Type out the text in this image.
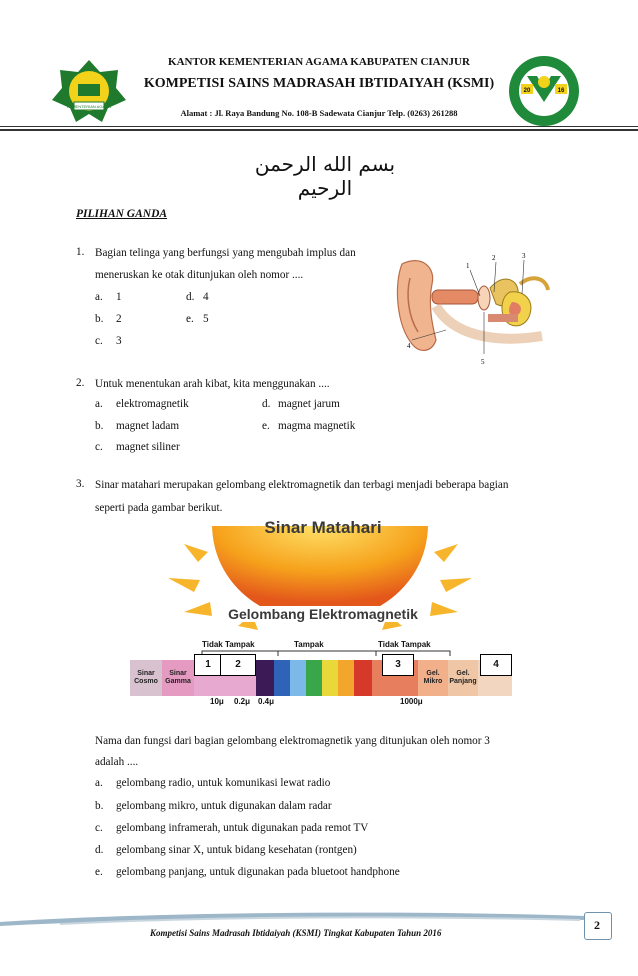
KEMENTERIAN AGAMA
KANTOR KEMENTERIAN AGAMA KABUPATEN CIANJUR
KOMPETISI SAINS MADRASAH IBTIDAIYAH (KSMI)
Alamat : Jl. Raya Bandung No. 108-B Sadewata Cianjur Telp. (0263) 261288
20	16
بسم الله الرحمن الرحيم
PILIHAN GANDA
1. Bagian telinga yang berfungsi yang mengubah implus dan
meneruskan ke otak ditunjukan oleh nomor ....
a. 1	d. 4
b. 2	e. 5
c. 3
1
2	3
4
5
2. Untuk menentukan arah kibat, kita menggunakan ....
a. elektromagnetik	d. magnet jarum
b. magnet ladam	e. magma magnetik
c. magnet siliner
3. Sinar matahari merupakan gelombang elektromagnetik dan terbagi menjadi beberapa bagian
seperti pada gambar berikut.
Sinar Matahari
Gelombang Elektromagnetik
Tidak Tampak	Tampak	Tidak Tampak
Sinar Cosmo
Sinar Gamma
Gel. Mikro
Gel. Panjang
1	2	3	4
10μ 0.2μ 0.4μ	1000μ
Nama dan fungsi dari bagian gelombang elektromagnetik yang ditunjukan oleh nomor 3
adalah ....
a. gelombang radio, untuk komunikasi lewat radio
b. gelombang mikro, untuk digunakan dalam radar
c. gelombang inframerah, untuk digunakan pada remot TV
d. gelombang sinar X, untuk bidang kesehatan (rontgen)
e. gelombang panjang, untuk digunakan pada bluetoot handphone
Kompetisi Sains Madrasah Ibtidaiyah (KSMI) Tingkat Kabupaten Tahun 2016
2
